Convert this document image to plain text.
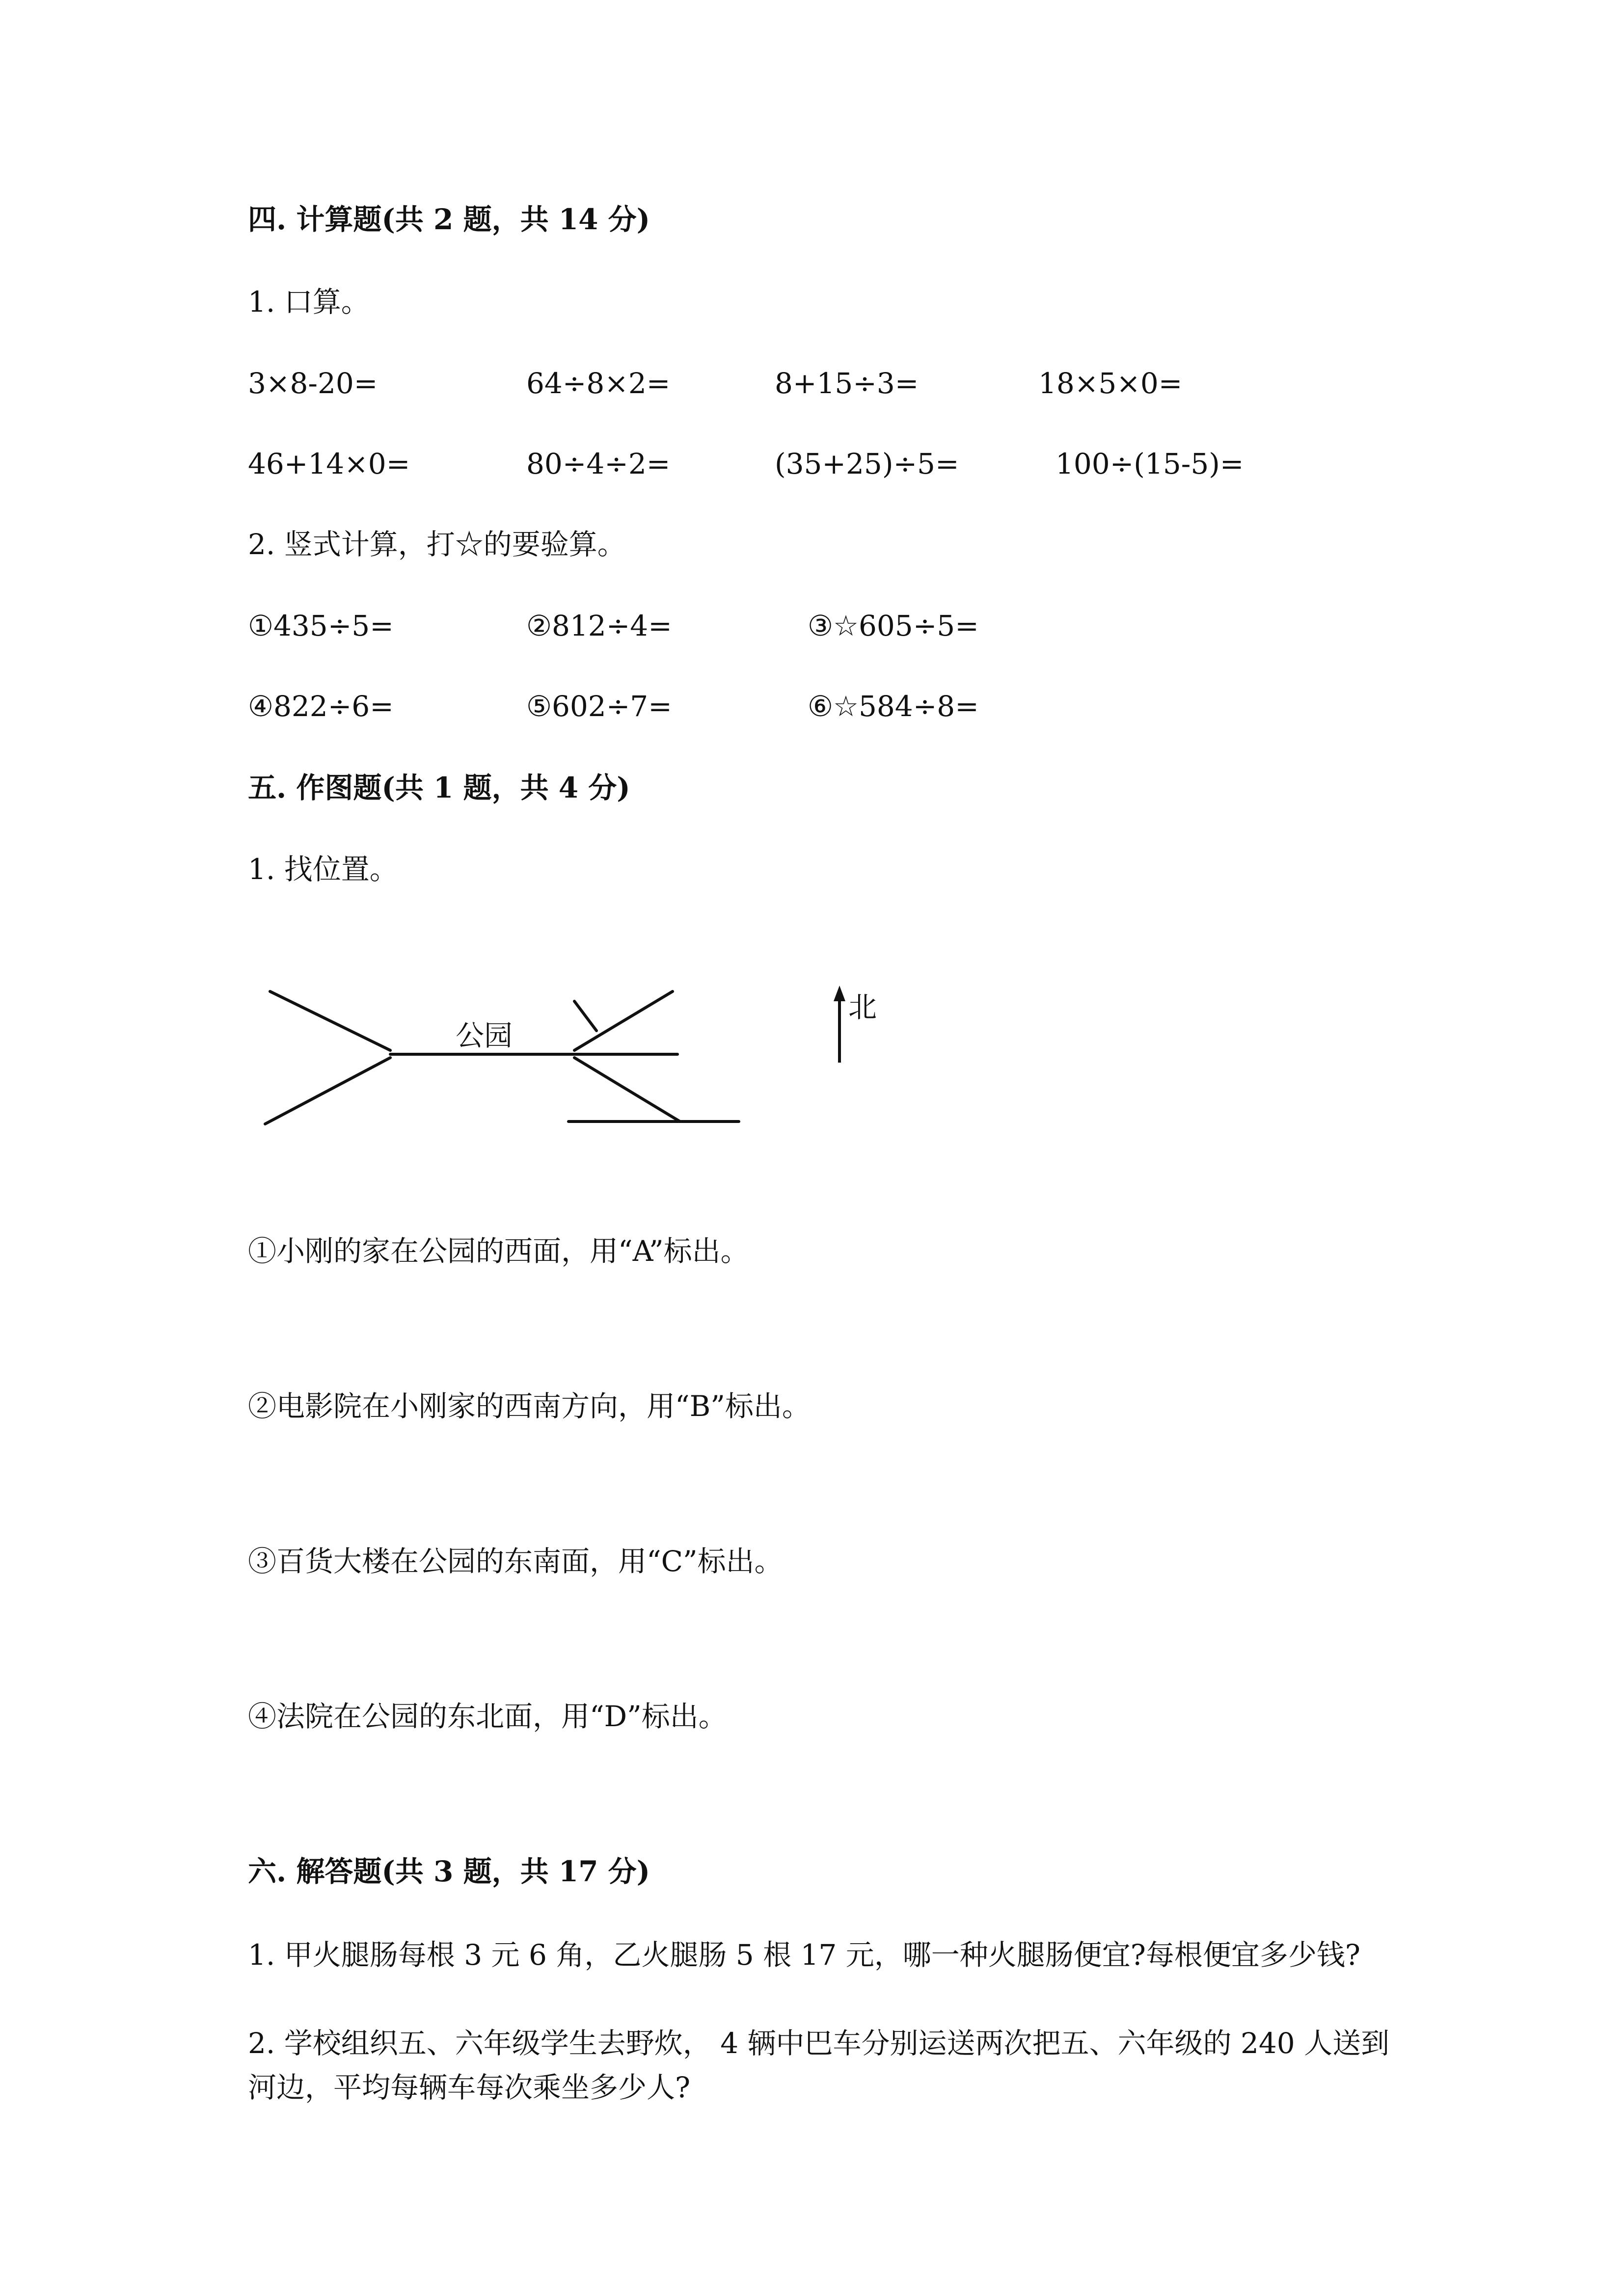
四. 计算题(共 2 题，共 14 分)
1. 口算。
3×8-20=	64÷8×2=	8+15÷3=	18×5×0=
46+14×0=	80÷4÷2=	(35+25)÷5=	100÷(15-5)=
2. 竖式计算，打☆的要验算。
①435÷5=	②812÷4=	③☆605÷5=
④822÷6=	⑤602÷7=	⑥☆584÷8=
五. 作图题(共 1 题，共 4 分)
1. 找位置。
公园
北
①小刚的家在公园的西面，用“A”标出。
②电影院在小刚家的西南方向，用“B”标出。
③百货大楼在公园的东南面，用“C”标出。
④法院在公园的东北面，用“D”标出。
六. 解答题(共 3 题，共 17 分)
1. 甲火腿肠每根 3 元 6 角，乙火腿肠 5 根 17 元，哪一种火腿肠便宜?每根便宜多少钱?
2. 学校组织五、六年级学生去野炊， 4 辆中巴车分别运送两次把五、六年级的 240 人送到河边，平均每辆车每次乘坐多少人?
